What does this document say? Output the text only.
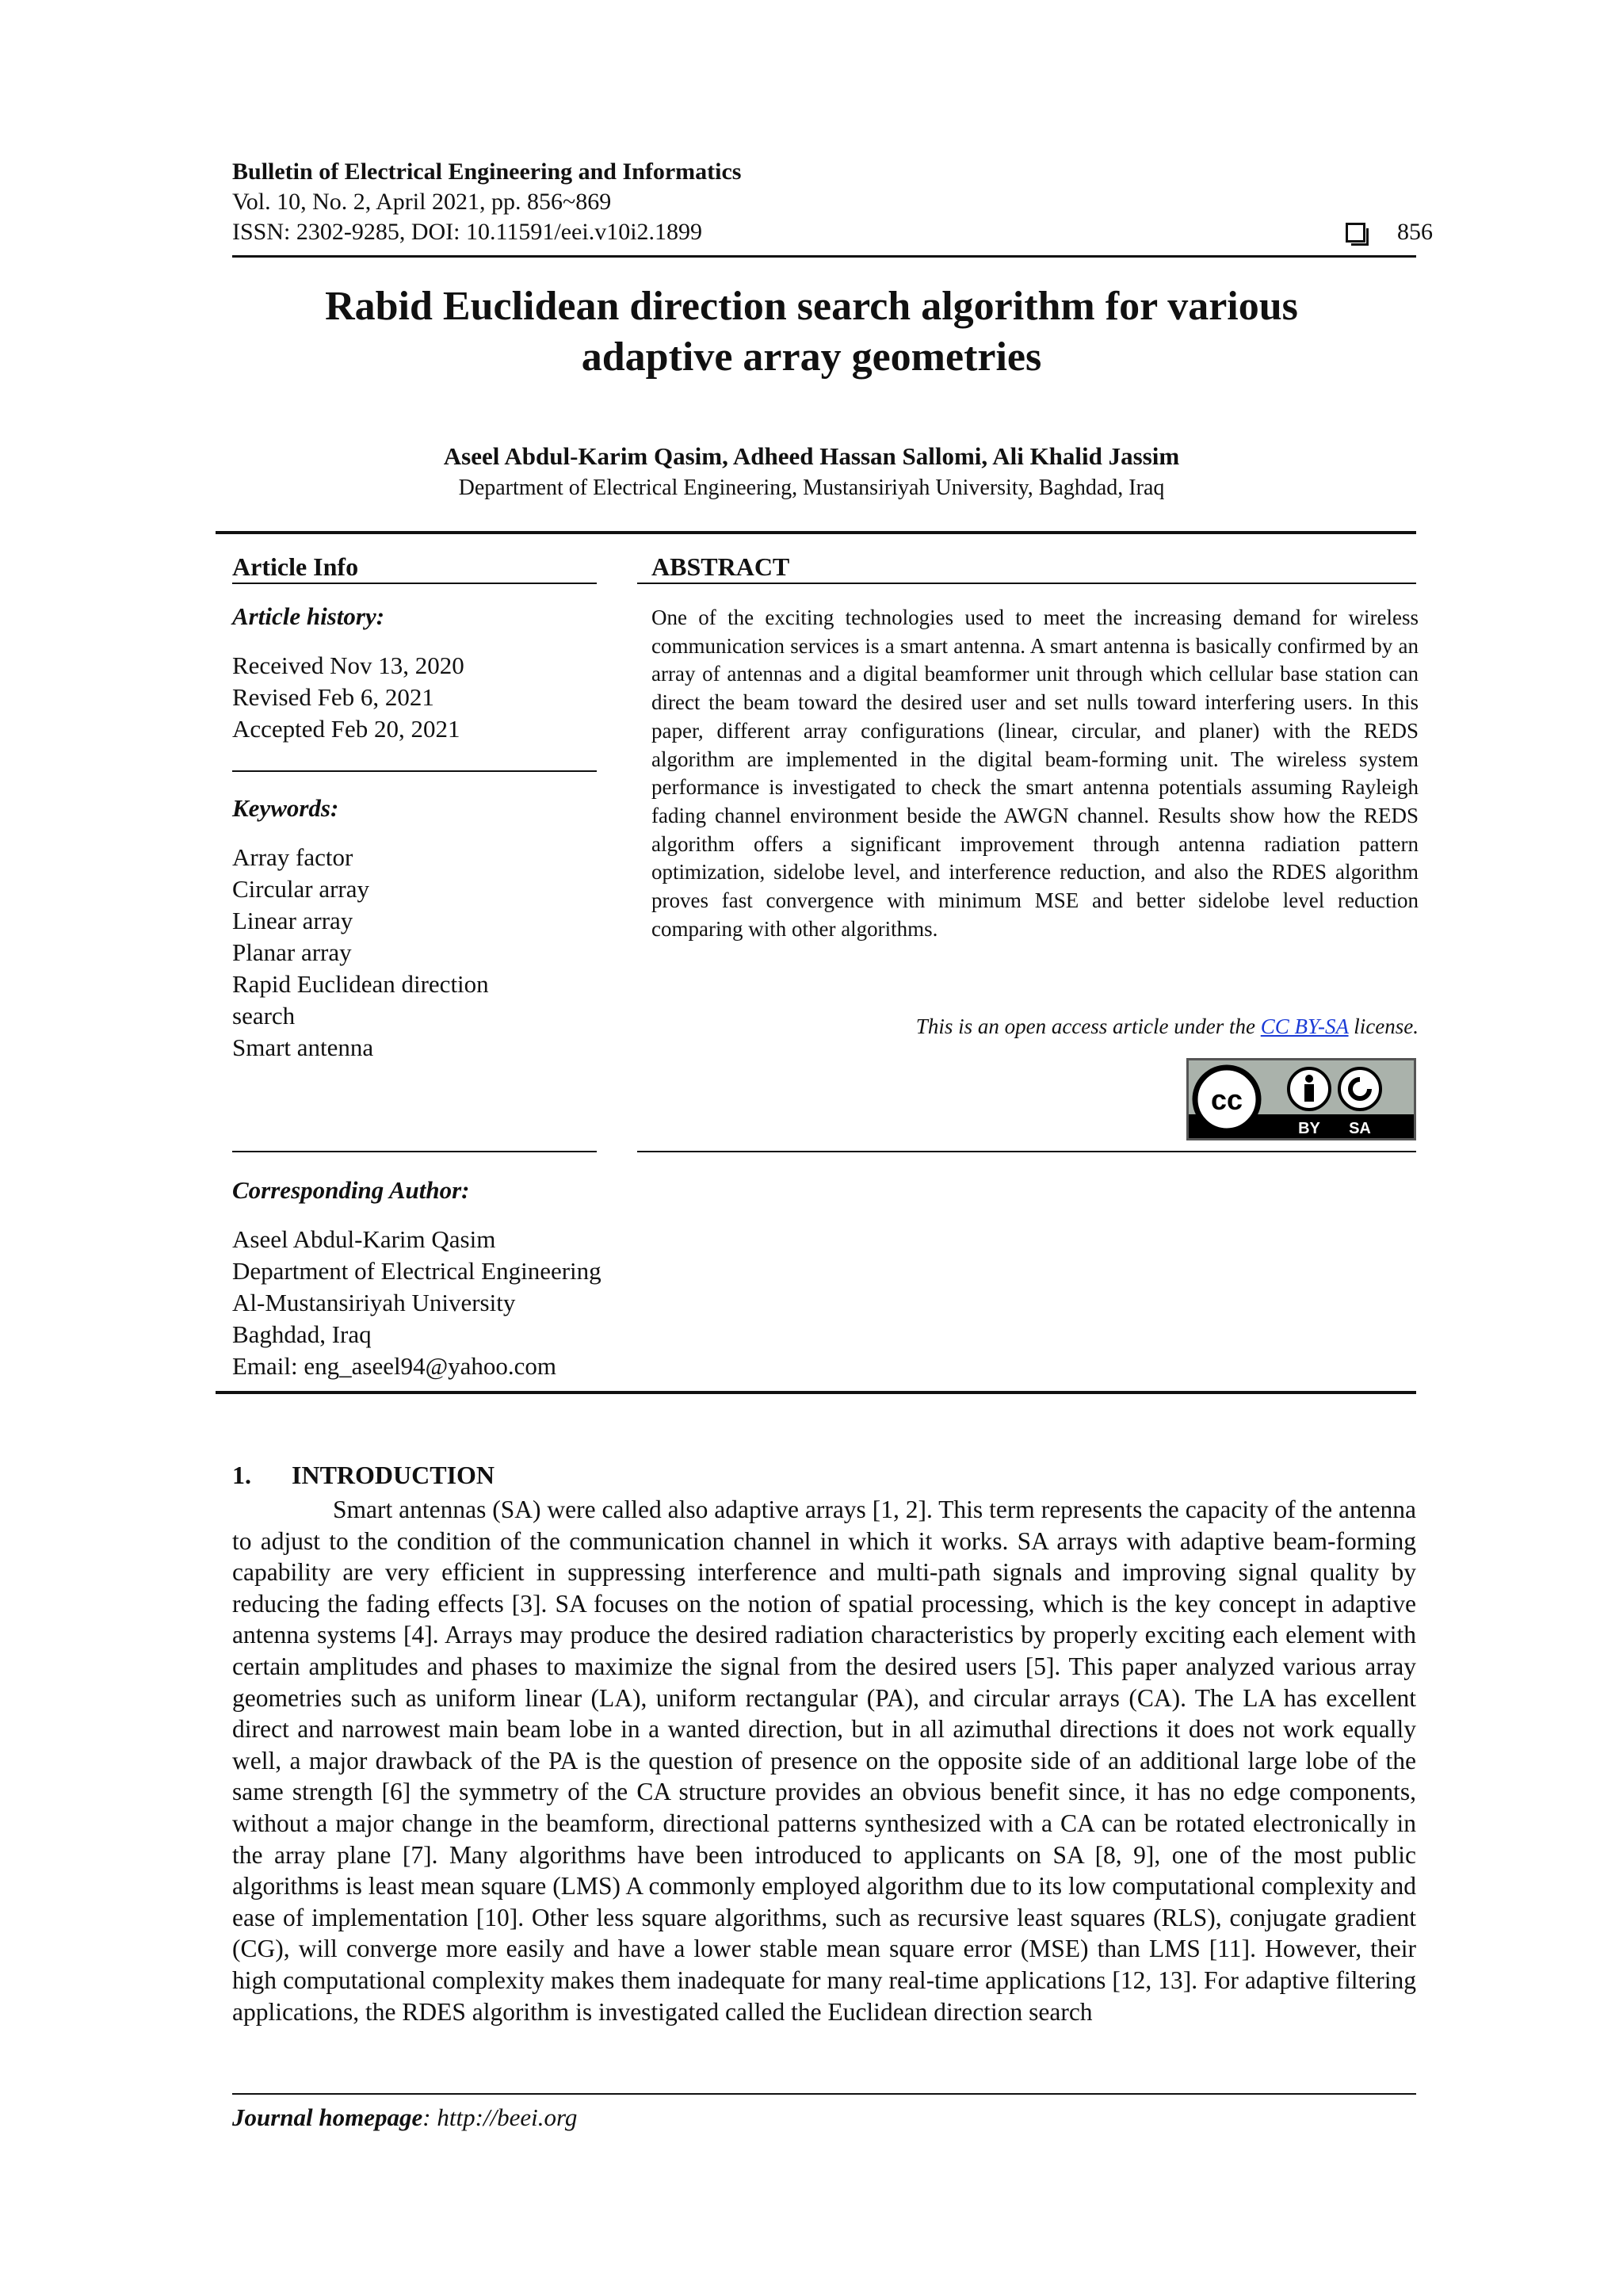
Bulletin of Electrical Engineering and Informatics
Vol. 10, No. 2, April 2021, pp. 856~869
ISSN: 2302-9285, DOI: 10.11591/eei.v10i2.1899	856
Rabid Euclidean direction search algorithm for various
adaptive array geometries
Aseel Abdul-Karim Qasim, Adheed Hassan Sallomi, Ali Khalid Jassim
Department of Electrical Engineering, Mustansiriyah University, Baghdad, Iraq
Article Info
Article history:
Received Nov 13, 2020
Revised Feb 6, 2021
Accepted Feb 20, 2021
Keywords:
Array factor
Circular array
Linear array
Planar array
Rapid Euclidean direction
search
Smart antenna
ABSTRACT
One of the exciting technologies used to meet the increasing demand for wireless communication services is a smart antenna. A smart antenna is basically confirmed by an array of antennas and a digital beamformer unit through which cellular base station can direct the beam toward the desired user and set nulls toward interfering users. In this paper, different array configurations (linear, circular, and planer) with the REDS algorithm are implemented in the digital beam-forming unit. The wireless system performance is investigated to check the smart antenna potentials assuming Rayleigh fading channel environment beside the AWGN channel. Results show how the REDS algorithm offers a significant improvement through antenna radiation pattern optimization, sidelobe level, and interference reduction, and also the RDES algorithm proves fast convergence with minimum MSE and better sidelobe level reduction comparing with other algorithms.
This is an open access article under the CC BY-SA license.
cc
BY SA
Corresponding Author:
Aseel Abdul-Karim Qasim
Department of Electrical Engineering
Al-Mustansiriyah University
Baghdad, Iraq
Email: eng_aseel94@yahoo.com
1. INTRODUCTION

Smart antennas (SA) were called also adaptive arrays [1, 2]. This term represents the capacity of the antenna to adjust to the condition of the communication channel in which it works. SA arrays with adaptive beam-forming capability are very efficient in suppressing interference and multi-path signals and improving signal quality by reducing the fading effects [3]. SA focuses on the notion of spatial processing, which is the key concept in adaptive antenna systems [4]. Arrays may produce the desired radiation characteristics by properly exciting each element with certain amplitudes and phases to maximize the signal from the desired users [5]. This paper analyzed various array geometries such as uniform linear (LA), uniform rectangular (PA), and circular arrays (CA). The LA has excellent direct and narrowest main beam lobe in a wanted direction, but in all azimuthal directions it does not work equally well, a major drawback of the PA is the question of presence on the opposite side of an additional large lobe of the same strength [6] the symmetry of the CA structure provides an obvious benefit since, it has no edge components, without a major change in the beamform, directional patterns synthesized with a CA can be rotated electronically in the array plane [7]. Many algorithms have been introduced to applicants on SA [8, 9], one of the most public algorithms is least mean square (LMS) A commonly employed algorithm due to its low computational complexity and ease of implementation [10]. Other less square algorithms, such as recursive least squares (RLS), conjugate gradient (CG), will converge more easily and have a lower stable mean square error (MSE) than LMS [11]. However, their high computational complexity makes them inadequate for many real-time applications [12, 13]. For adaptive filtering applications, the RDES algorithm is investigated called the Euclidean direction search

Journal homepage: http://beei.org
